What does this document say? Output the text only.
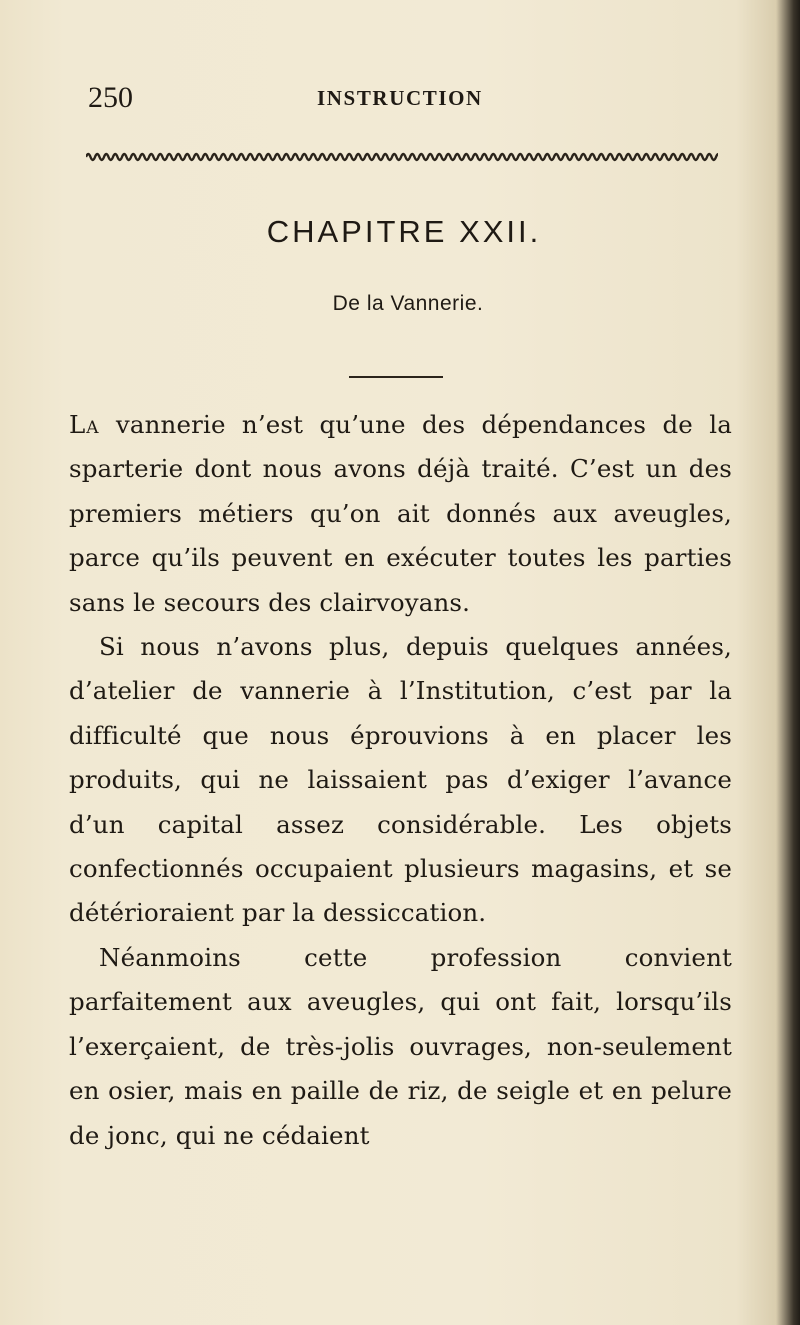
250	INSTRUCTION
CHAPITRE XXII.
De la Vannerie.

La vannerie n’est qu’une des dépendances de la sparterie dont nous avons déjà traité. C’est un des premiers métiers qu’on ait donnés aux aveugles, parce qu’ils peuvent en exécuter toutes les parties sans le secours des clairvoyans.

Si nous n’avons plus, depuis quelques années, d’atelier de vannerie à l’Institution, c’est par la difficulté que nous éprouvions à en placer les produits, qui ne laissaient pas d’exiger l’avance d’un capital assez considérable. Les objets confectionnés occupaient plusieurs magasins, et se détérioraient par la dessiccation.

Néanmoins cette profession convient parfaitement aux aveugles, qui ont fait, lorsqu’ils l’exerçaient, de très-jolis ouvrages, non-seulement en osier, mais en paille de riz, de seigle et en pelure de jonc, qui ne cédaient
